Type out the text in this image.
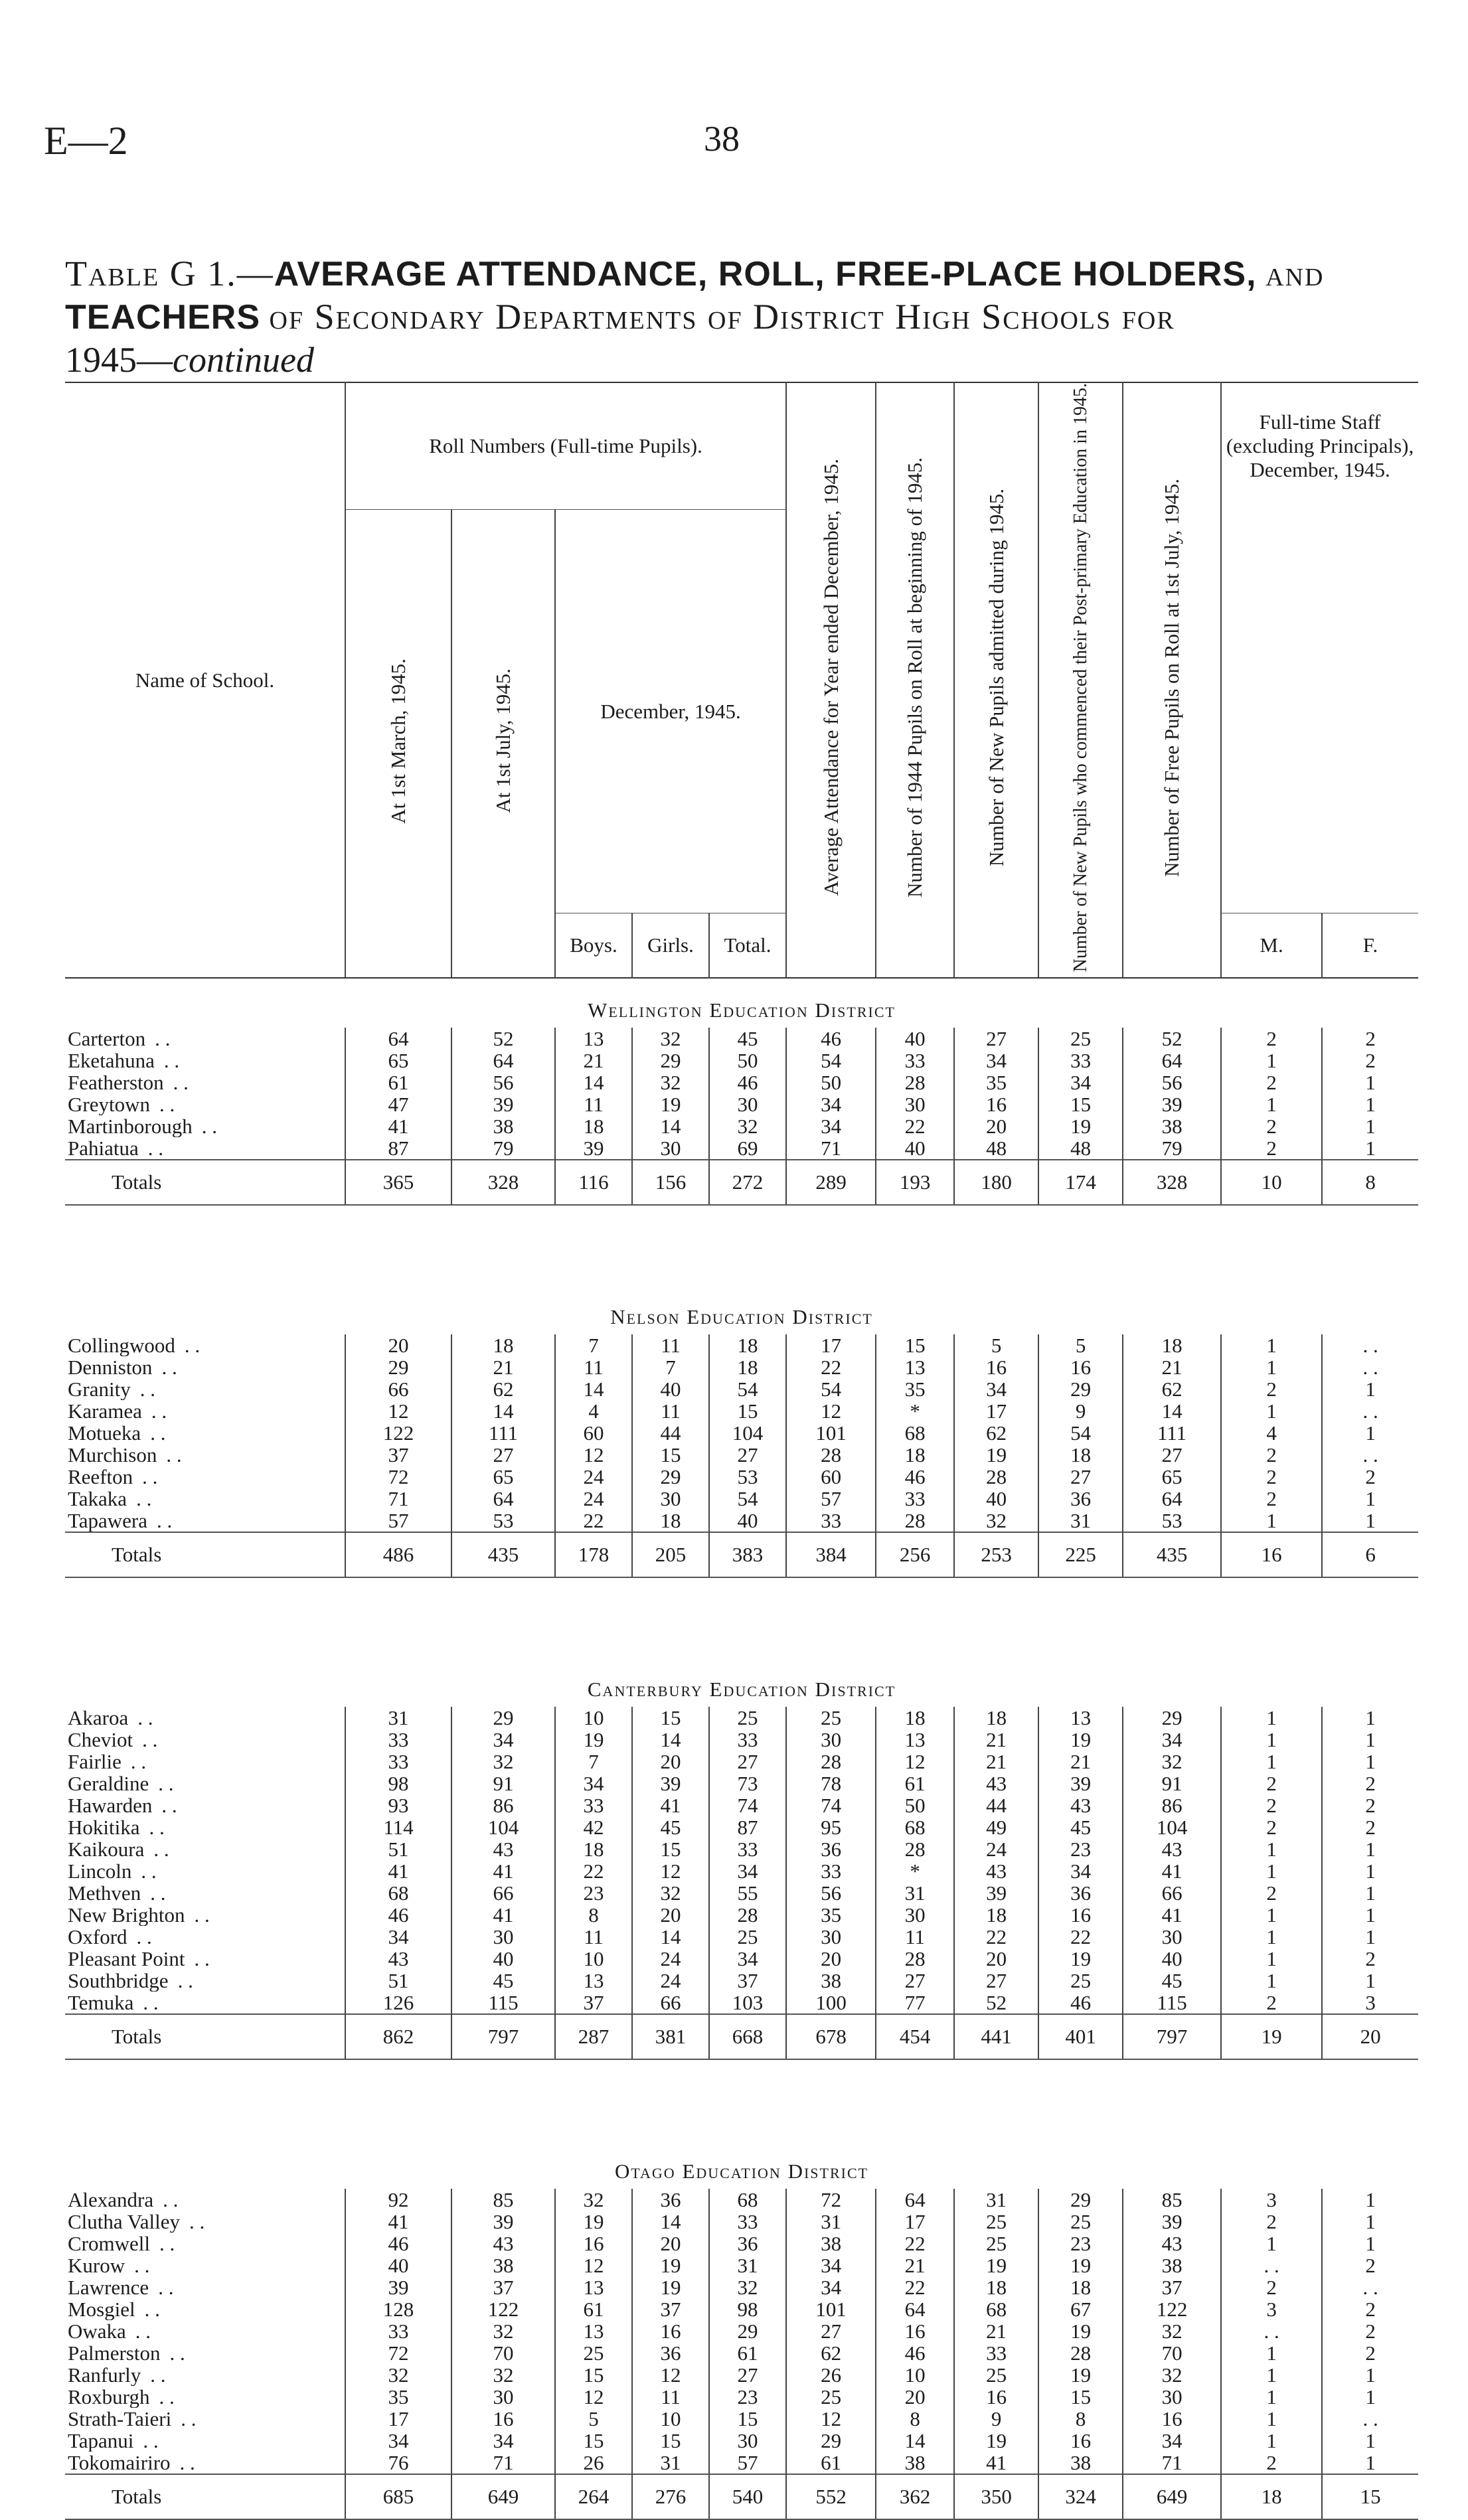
E—2	38
Table G 1.—AVERAGE ATTENDANCE, ROLL, FREE-PLACE HOLDERS, and
TEACHERS of Secondary Departments of District High Schools for
1945—continued
Name of School.	Roll Numbers (Full-time Pupils).					Average Attendance for Year ended December, 1945.	Number of 1944 Pupils on Roll at beginning of 1945.	Number of New Pupils admitted during 1945.	Number of New Pupils who commenced their Post-primary Education in 1945.	Number of Free Pupils on Roll at 1st July, 1945.	Full-time Staff (excluding Principals), December, 1945.	
	At 1st March, 1945.	At 1st July, 1945.	December, 1945.									
			Boys.	Girls.	Total.						M.	F.
Wellington Education District												
Carterton . .	64	52	13	32	45	46	40	27	25	52	2	2
Eketahuna . .	65	64	21	29	50	54	33	34	33	64	1	2
Featherston . .	61	56	14	32	46	50	28	35	34	56	2	1
Greytown . .	47	39	11	19	30	34	30	16	15	39	1	1
Martinborough . .	41	38	18	14	32	34	22	20	19	38	2	1
Pahiatua . .	87	79	39	30	69	71	40	48	48	79	2	1
Totals	365	328	116	156	272	289	193	180	174	328	10	8

Nelson Education District												
Collingwood . .	20	18	7	11	18	17	15	5	5	18	1	. .
Denniston . .	29	21	11	7	18	22	13	16	16	21	1	. .
Granity . .	66	62	14	40	54	54	35	34	29	62	2	1
Karamea . .	12	14	4	11	15	12	*	17	9	14	1	. .
Motueka . .	122	111	60	44	104	101	68	62	54	111	4	1
Murchison . .	37	27	12	15	27	28	18	19	18	27	2	. .
Reefton . .	72	65	24	29	53	60	46	28	27	65	2	2
Takaka . .	71	64	24	30	54	57	33	40	36	64	2	1
Tapawera . .	57	53	22	18	40	33	28	32	31	53	1	1
Totals	486	435	178	205	383	384	256	253	225	435	16	6

Canterbury Education District												
Akaroa . .	31	29	10	15	25	25	18	18	13	29	1	1
Cheviot . .	33	34	19	14	33	30	13	21	19	34	1	1
Fairlie . .	33	32	7	20	27	28	12	21	21	32	1	1
Geraldine . .	98	91	34	39	73	78	61	43	39	91	2	2
Hawarden . .	93	86	33	41	74	74	50	44	43	86	2	2
Hokitika . .	114	104	42	45	87	95	68	49	45	104	2	2
Kaikoura . .	51	43	18	15	33	36	28	24	23	43	1	1
Lincoln . .	41	41	22	12	34	33	*	43	34	41	1	1
Methven . .	68	66	23	32	55	56	31	39	36	66	2	1
New Brighton . .	46	41	8	20	28	35	30	18	16	41	1	1
Oxford . .	34	30	11	14	25	30	11	22	22	30	1	1
Pleasant Point . .	43	40	10	24	34	20	28	20	19	40	1	2
Southbridge . .	51	45	13	24	37	38	27	27	25	45	1	1
Temuka . .	126	115	37	66	103	100	77	52	46	115	2	3
Totals	862	797	287	381	668	678	454	441	401	797	19	20

Otago Education District												
Alexandra . .	92	85	32	36	68	72	64	31	29	85	3	1
Clutha Valley . .	41	39	19	14	33	31	17	25	25	39	2	1
Cromwell . .	46	43	16	20	36	38	22	25	23	43	1	1
Kurow . .	40	38	12	19	31	34	21	19	19	38	. .	2
Lawrence . .	39	37	13	19	32	34	22	18	18	37	2	. .
Mosgiel . .	128	122	61	37	98	101	64	68	67	122	3	2
Owaka . .	33	32	13	16	29	27	16	21	19	32	. .	2
Palmerston . .	72	70	25	36	61	62	46	33	28	70	1	2
Ranfurly . .	32	32	15	12	27	26	10	25	19	32	1	1
Roxburgh . .	35	30	12	11	23	25	20	16	15	30	1	1
Strath-Taieri . .	17	16	5	10	15	12	8	9	8	16	1	. .
Tapanui . .	34	34	15	15	30	29	14	19	16	34	1	1
Tokomairiro . .	76	71	26	31	57	61	38	41	38	71	2	1
Totals	685	649	264	276	540	552	362	350	324	649	18	15
